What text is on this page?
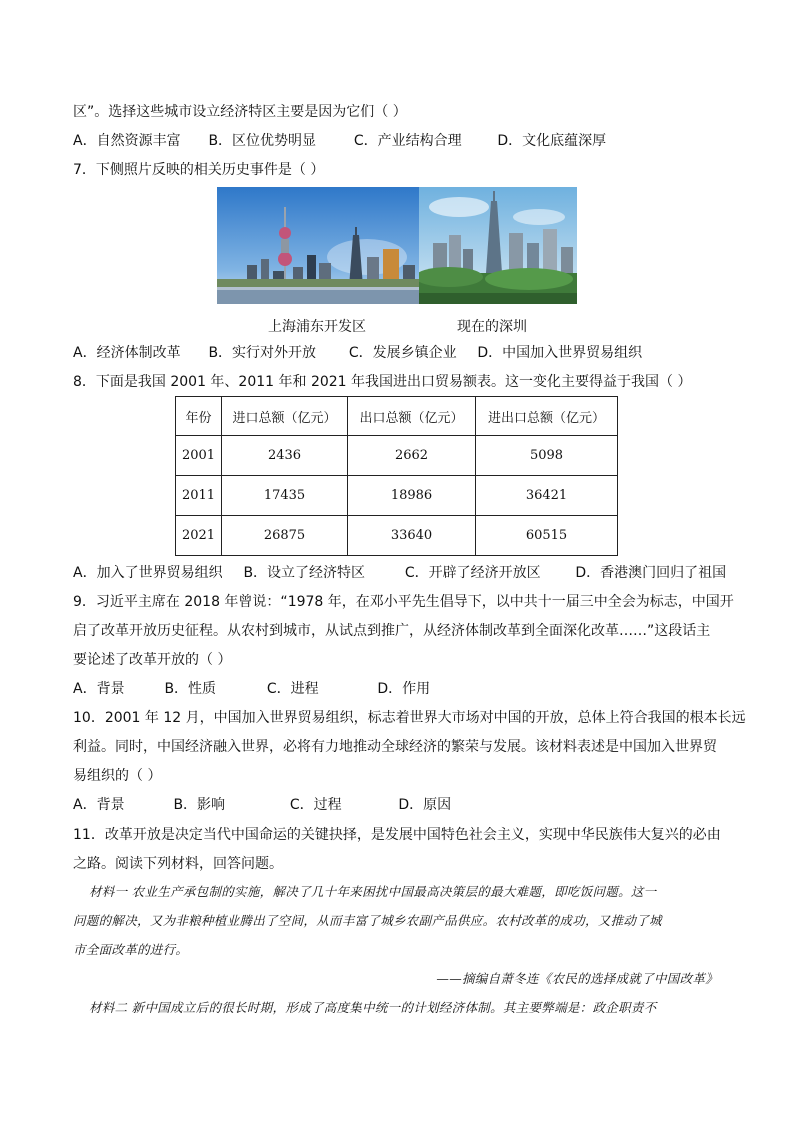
区”。选择这些城市设立经济特区主要是因为它们（ ）
A．自然资源丰富 B．区位优势明显	C．产业结构合理	D．文化底蕴深厚
7．下侧照片反映的相关历史事件是（ ）
上海浦东开发区	现在的深圳
A．经济体制改革 B．实行对外开放 C．发展乡镇企业 D．中国加入世界贸易组织
8．下面是我国 2001 年、2011 年和 2021 年我国进出口贸易额表。这一变化主要得益于我国（ ）
年份	进口总额（亿元）	出口总额（亿元）	进出口总额（亿元）
2001	2436	2662	5098
2011	17435	18986	36421
2021	26875	33640	60515
A．加入了世界贸易组织 B．设立了经济特区	C．开辟了经济开放区 D．香港澳门回归了祖国
9．习近平主席在 2018 年曾说：“1978 年，在邓小平先生倡导下，以中共十一届三中全会为标志，中国开
启了改革开放历史征程。从农村到城市，从试点到推广，从经济体制改革到全面深化改革……”这段话主
要论述了改革开放的（ ）
A．背景	B．性质	C．进程	D．作用
10．2001 年 12 月，中国加入世界贸易组织，标志着世界大市场对中国的开放，总体上符合我国的根本长远
利益。同时，中国经济融入世界，必将有力地推动全球经济的繁荣与发展。该材料表述是中国加入世界贸
易组织的（ ）
A．背景	B．影响	C．过程	D．原因
11．改革开放是决定当代中国命运的关键抉择，是发展中国特色社会主义，实现中华民族伟大复兴的必由
之路。阅读下列材料，回答问题。
材料一 农业生产承包制的实施，解决了几十年来困扰中国最高决策层的最大难题，即吃饭问题。这一
问题的解决，又为非粮种植业腾出了空间，从而丰富了城乡农副产品供应。农村改革的成功，又推动了城
市全面改革的进行。
——摘编自萧冬连《农民的选择成就了中国改革》
材料二 新中国成立后的很长时期，形成了高度集中统一的计划经济体制。其主要弊端是：政企职责不
